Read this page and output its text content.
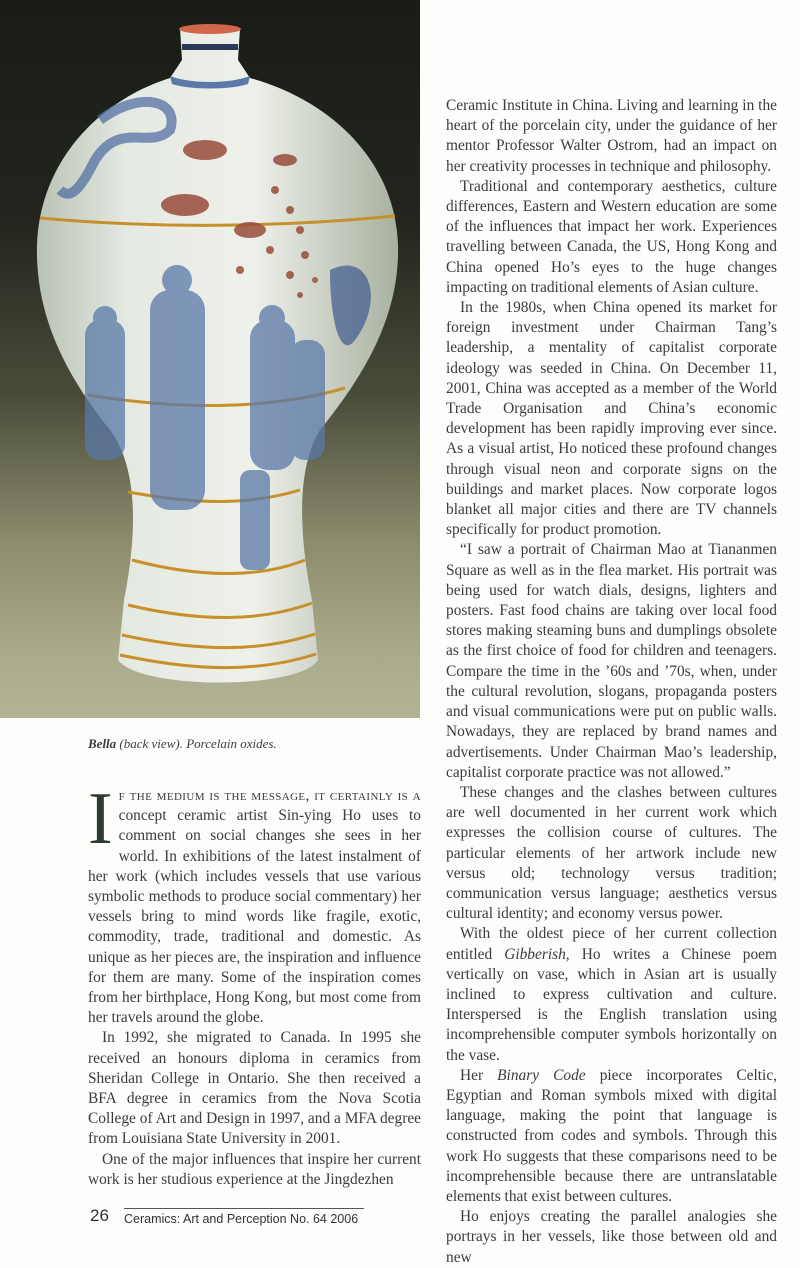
Bella (back view). Porcelain oxides.

If the medium is the message, it certainly is a concept ceramic artist Sin-ying Ho uses to comment on social changes she sees in her world. In exhibitions of the latest instalment of her work (which includes vessels that use various symbolic methods to produce social commentary) her vessels bring to mind words like fragile, exotic, commodity, trade, traditional and domestic. As unique as her pieces are, the inspiration and influence for them are many. Some of the inspiration comes from her birthplace, Hong Kong, but most come from her travels around the globe.

In 1992, she migrated to Canada. In 1995 she received an honours diploma in ceramics from Sheridan College in Ontario. She then received a BFA degree in ceramics from the Nova Scotia College of Art and Design in 1997, and a MFA degree from Louisiana State University in 2001.

One of the major influences that inspire her current work is her studious experience at the Jingdezhen

Ceramic Institute in China. Living and learning in the heart of the porcelain city, under the guidance of her mentor Professor Walter Ostrom, had an impact on her creativity processes in technique and philosophy.

Traditional and contemporary aesthetics, culture differences, Eastern and Western education are some of the influences that impact her work. Experiences travelling between Canada, the US, Hong Kong and China opened Ho’s eyes to the huge changes impacting on traditional elements of Asian culture.

In the 1980s, when China opened its market for foreign investment under Chairman Tang’s leadership, a mentality of capitalist corporate ideology was seeded in China. On December 11, 2001, China was accepted as a member of the World Trade Organisation and China’s economic development has been rapidly improving ever since. As a visual artist, Ho noticed these profound changes through visual neon and corporate signs on the buildings and market places. Now corporate logos blanket all major cities and there are TV channels specifically for product promotion.

“I saw a portrait of Chairman Mao at Tiananmen Square as well as in the flea market. His portrait was being used for watch dials, designs, lighters and posters. Fast food chains are taking over local food stores making steaming buns and dumplings obsolete as the first choice of food for children and teenagers. Compare the time in the ’60s and ’70s, when, under the cultural revolution, slogans, propaganda posters and visual communications were put on public walls. Nowadays, they are replaced by brand names and advertisements. Under Chairman Mao’s leadership, capitalist corporate practice was not allowed.”

These changes and the clashes between cultures are well documented in her current work which expresses the collision course of cultures. The particular elements of her artwork include new versus old; technology versus tradition; communication versus language; aesthetics versus cultural identity; and economy versus power.

With the oldest piece of her current collection entitled Gibberish, Ho writes a Chinese poem vertically on vase, which in Asian art is usually inclined to express cultivation and culture. Interspersed is the English translation using incomprehensible computer symbols horizontally on the vase.

Her Binary Code piece incorporates Celtic, Egyptian and Roman symbols mixed with digital language, making the point that language is constructed from codes and symbols. Through this work Ho suggests that these comparisons need to be incomprehensible because there are untranslatable elements that exist between cultures.

Ho enjoys creating the parallel analogies she portrays in her vessels, like those between old and new

26 Ceramics: Art and Perception No. 64 2006
